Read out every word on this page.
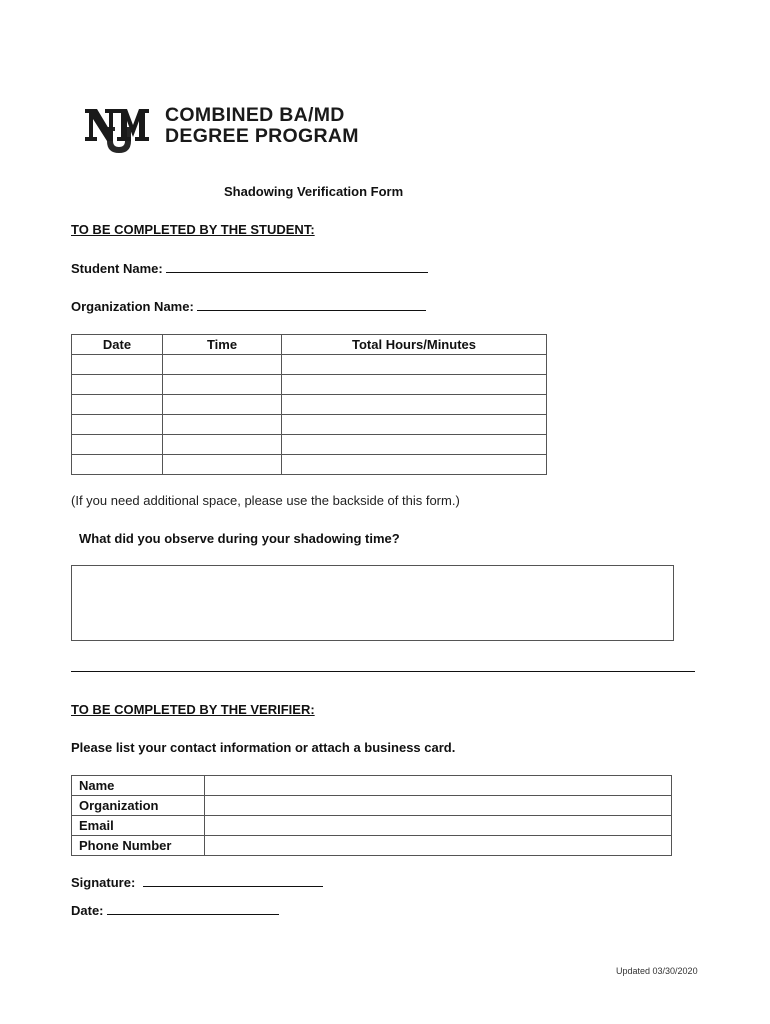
COMBINED BA/MD
DEGREE PROGRAM
Shadowing Verification Form
TO BE COMPLETED BY THE STUDENT:
Student Name:
Organization Name:
Date	Time	Total Hours/Minutes

(If you need additional space, please use the backside of this form.)
What did you observe during your shadowing time?
TO BE COMPLETED BY THE VERIFIER:
Please list your contact information or attach a business card.
Name	
Organization	
Email	
Phone Number	
Signature:
Date:
Updated 03/30/2020
